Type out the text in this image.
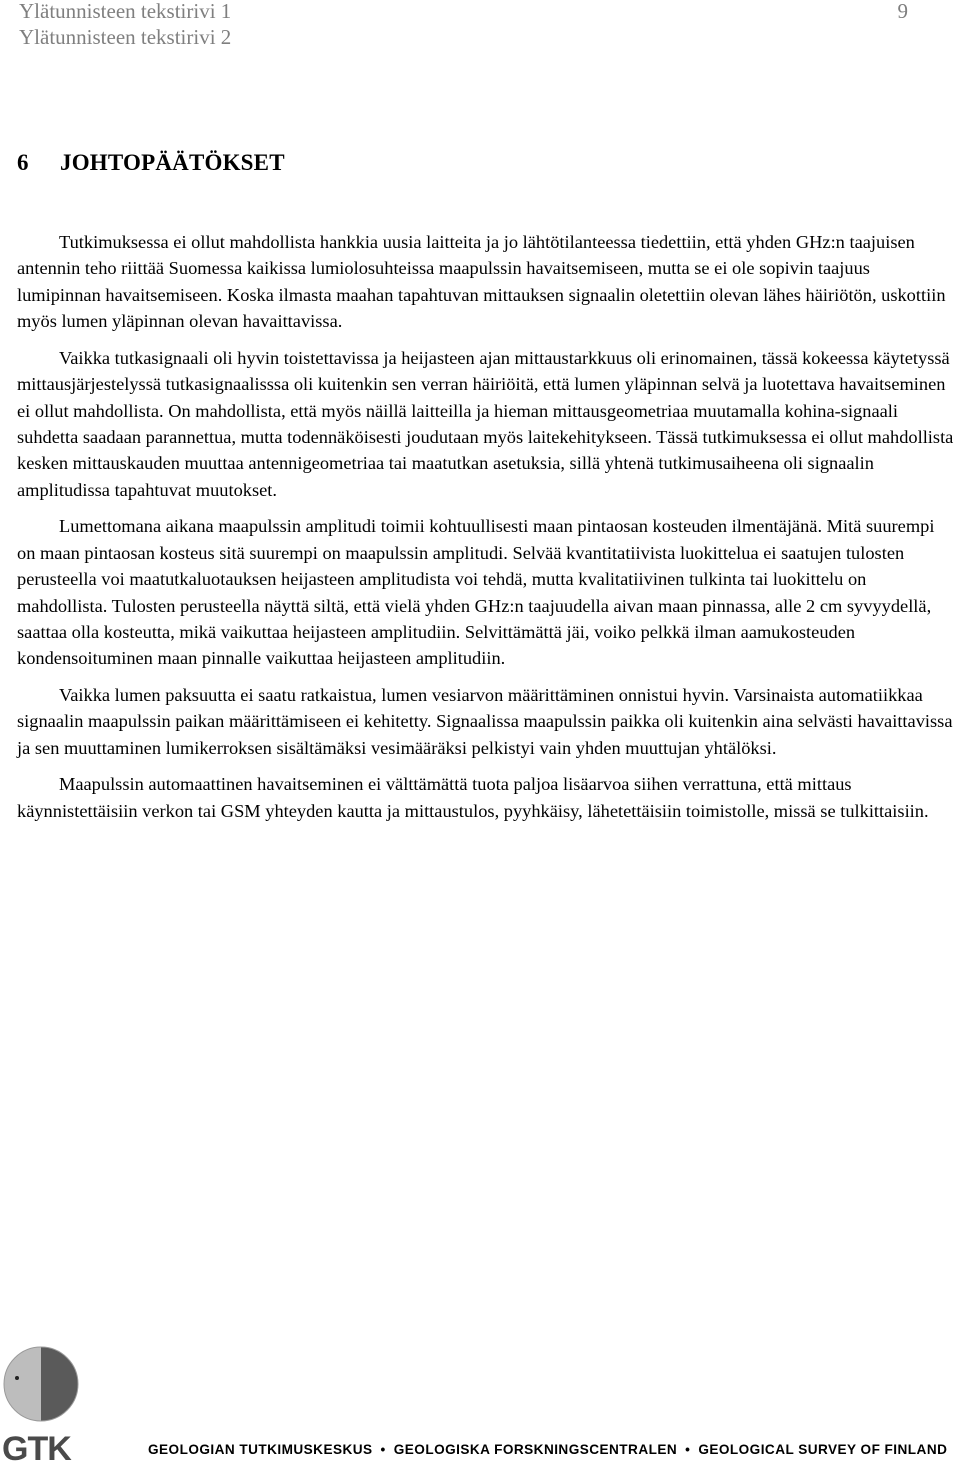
Ylätunnisteen tekstirivi 1
Ylätunnisteen tekstirivi 2
9
6 JOHTOPÄÄTÖKSET

Tutkimuksessa ei ollut mahdollista hankkia uusia laitteita ja jo lähtötilanteessa tiedettiin, että yhden GHz:n taajuisen antennin teho riittää Suomessa kaikissa lumiolosuhteissa maapulssin havaitsemiseen, mutta se ei ole sopivin taajuus lumipinnan havaitsemiseen. Koska ilmasta maahan tapahtuvan mittauksen signaalin oletettiin olevan lähes häiriötön, uskottiin myös lumen yläpinnan olevan havaittavissa.

Vaikka tutkasignaali oli hyvin toistettavissa ja heijasteen ajan mittaustarkkuus oli erinomainen, tässä kokeessa käytetyssä mittausjärjestelyssä tutkasignaalisssa oli kuitenkin sen verran häiriöitä, että lumen yläpinnan selvä ja luotettava havaitseminen ei ollut mahdollista. On mahdollista, että myös näillä laitteilla ja hieman mittausgeometriaa muutamalla kohina-signaali suhdetta saadaan parannettua, mutta todennäköisesti joudutaan myös laitekehitykseen. Tässä tutkimuksessa ei ollut mahdollista kesken mittauskauden muuttaa antennigeometriaa tai maatutkan asetuksia, sillä yhtenä tutkimusaiheena oli signaalin amplitudissa tapahtuvat muutokset.

Lumettomana aikana maapulssin amplitudi toimii kohtuullisesti maan pintaosan kosteuden ilmentäjänä. Mitä suurempi on maan pintaosan kosteus sitä suurempi on maapulssin amplitudi. Selvää kvantitatiivista luokittelua ei saatujen tulosten perusteella voi maatutkaluotauksen heijasteen amplitudista voi tehdä, mutta kvalitatiivinen tulkinta tai luokittelu on mahdollista. Tulosten perusteella näyttä siltä, että vielä yhden GHz:n taajuudella aivan maan pinnassa, alle 2 cm syvyydellä, saattaa olla kosteutta, mikä vaikuttaa heijasteen amplitudiin. Selvittämättä jäi, voiko pelkkä ilman aamukosteuden kondensoituminen maan pinnalle vaikuttaa heijasteen amplitudiin.

Vaikka lumen paksuutta ei saatu ratkaistua, lumen vesiarvon määrittäminen onnistui hyvin. Varsinaista automatiikkaa signaalin maapulssin paikan määrittämiseen ei kehitetty. Signaalissa maapulssin paikka oli kuitenkin aina selvästi havaittavissa ja sen muuttaminen lumikerroksen sisältämäksi vesimääräksi pelkistyi vain yhden muuttujan yhtälöksi.

Maapulssin automaattinen havaitseminen ei välttämättä tuota paljoa lisäarvoa siihen verrattuna, että mittaus käynnistettäisiin verkon tai GSM yhteyden kautta ja mittaustulos, pyyhkäisy, lähetettäisiin toimistolle, missä se tulkittaisiin.

GTK	GEOLOGIAN TUTKIMUSKESKUS • GEOLOGISKA FORSKNINGSCENTRALEN • GEOLOGICAL SURVEY OF FINLAND
